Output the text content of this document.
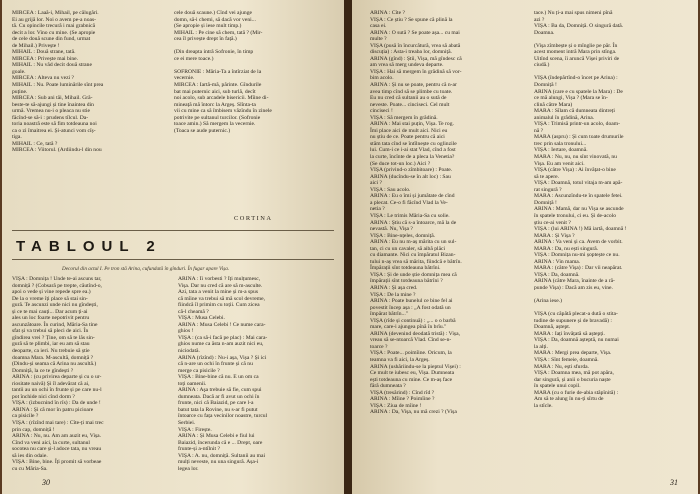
MIRCEA : Laaă-i, Mihail, pe călugări.
Ei au grijă lor. Noi o avem pe-a noas-
tă. Cu opincile trecură i mai grabnică
decit a lor. Vino cu mine. (Se apropie
de cele două scune din fund, urmat
de Mihail.) Privește !
MIHAIL : Două strane, tată.
MIRCEA : Privește mai bine.
MIHAIL : Nu văd decit două strane
goale.
MIRCEA : Alteva nu vezi ?
MIHAIL : Nu. Poate luminările sînt prea
puține.
MIRCEA : Sub ani tăi, Mihail. Gră-
beste-te să-ajungi și tine înaintea din
urmă. Vremea nu-i o pleaca nu stie
făcînd-se să-i : prudens tîlcul. Da-
toria noastră este să fim totdeauna noi
ca o zi îmaitrea ei. Și-atunci vom cîș-
tiga.
MIHAIL : Ce, tată ?
MIRCEA : Viitorul. (Ardiindu-l din nou
cele două scaune.) Cînd vei ajunge
domn, să-i chemi, să dacă vor veni...
(Se apropie și iese mult timp.)
MIHAIL : Pe cine să chem, tată ? (Mir-
cea îl privește drept în față.)

(Din dreapta intră Sofronie, în timp
ce ei mere toace.)

SOFRONIE : Măria-Ta a întîrziat de la
vecernie.
MIRCEA : Iartă-mă, părinte. Gîndurile
bat mai puternic aici, sub turlă, decît
noi acolo, sub arcadele bisericii. Mîine di-
mineață mă întorc la Argeș. Slînta-ta
vii cu mine ca să îmbisem văzîndu în zinele
potrivite pe sultanul turcilor. (Sofronie
toace amin.) Să mergem la vecernie.
(Toaca se aude puternic.)
CORTINA
TABLOUL 2
Decorul din actul I. Pe tron stă Arina, cufundată în gînduri. În fugar apare Vișa.
VIȘA : Domnița ! Unde te-ai ascuns tar,
domniță ? (Cobsară pe trepte, căutînd-o,
apoi o vede și vine repede spre ea.)
De la o vreme îți place să stai sin-
gură. Te ascunzi unde nici nu gîndești,
și ce te mai cauți... Dar acum ți-ai
ales un loc foarte nepotrivit pentru
ascunzătoare. În curind, Măria-Sa tine
sfat și va trebui să pleci de aici. În
gîndirea vrei ? Ține, om să te lăs sin-
gură să te plimbi, iar eu am să stau
deoparte, ca ieri. Nu trebuie să știe
doamna Mara. M-ascultă, domniță ?
(Dindu-și seama că Arina nu ascultă.)
Domniță, la ce te gîndești ?
ARINA : (cu privirea departe și cu o ur-
riositate naivă) Și îl adevărat că ai,
tantii au un ochi în frunte și pe care nu-l
pot închide nici cînd dorm ?
VIȘA : (izbucnind în rîs) : Da de unde !
ARINA : Și că mor în patru picioare
ca pisicile ?
VIȘA : (rîzînd mai tare) : Cîte-ți mai trec
prin cap, domniță !
ARINA : Nu, nu. Am am auzit eu, Vișa.
Cînd va veni aici, la curte, sultanul
socotea nu care și-l adoce tata, nu vreau
să ies din odaie.
VIȘA : Bine, bine. Îți promit să vorbeae
cu cu Măria-Sa.
ARINA : Îi vorbesti ? Îți mulțumesc,
Vișa. Dar nu cred că are să m-asculte.
Azi, tata a venit la mine și m-a spus
că mîine va trebui să mă scol devreme,
fiindcă îl primim cu toții. Cum zicea
că-l cheamă ?
VIȘA : Musa Celebi.
ARINA : Musa Celebi ! Ce nume cara-
ghios !
VIȘA : (ca să-i facă pe plac) : Mai cara-
ghios nume ca ăsta n-am auzit nici eu,
niciodată.
ARINA (rîzînd) : Nu-i așa, Vișa ? Și ici
că n-are un ochi în frunte și că nu
merge ca pisicile ?
VIȘA : Bine-bine că nu. E un om ca
toți oamenii.
ARINA : Aşa trebuie să fie, cum spui
dumneata. Dacă ar fi avut un ochi în
frunte, nici că Baiazid, pe care l-a
batut tata la Rovine, nu s-ar fi putut
întoarce cu fața vecinilor noastre, turcul
Serbiei.
VIȘA : Firește.
ARINA : Și Musa Celebi e fiul lui
Baiazid, încerunda că e ... Drept, oare
frunte-și a-ntîlnit ?
VIȘA : A. nu, domniță. Sultanii au mai
mulți neveste, nu una singură. Așa-i
legea lor.
30
ARINA : Cîte ?
VIȘA : Ce știu ? Se spune că plină la
casa ei.
ARINA : O sută ? Se poate așa... cu mai
multe ?
VIȘA (pusă în încurcătură, vrea să abată
discuția) : Asta-i treaba lor, domniță.
ARINA (gînd) : Știi, Vișa, mă gîndesc că
am vrea să merg undeva departe.
VIȘA : Hai să mergem în grădină să vor-
bim acolo.
ARINA : Și nu se poate, pentru că n-ar
avea timp cînd să se plimbe cu toate.
Eu nu cred că sultanii au o sută de
neveste. Poate... cinciseci. Cel mult
cinciseci !
VIȘA : Să mergem în grădină.
ARINA : Mai stai puțin, Vișa. Te rog.
Îmi place aici de mult aici. Nici eu
nu știu de ce. Poate pentru că aici
stăm tata cînd se întîlnește cu oglinzile
lui. Cum-i ce i-ai stat Vlad, cînd a fost
la curte, încînte de a pleca la Venetia?
(Se duce tot-un loc.) Aici ?
VIȘA (privind-o zîmbitoare) : Poate.
ARINA (ducîndu-se în alt loc) : Sau
aici ?
VIȘA : Sau acolo.
ARINA : Eu o îmi și jumătate de cînd
a plecat. Ce-o fi făcînd Vlad la Ve-
netia ?
VIȘA : Le trimis Măria-Sa cu solie.
ARINA : Știu că s-a întoarce, mă la de
nevastă. Nu, Vișa ?
VIȘA : Bine-nțeles, domniță.
ARINA : Eu nu m-aș mărita cu un sul-
tan, ci cu un cavaler, să aibă plăci
cu diamante. Nici cu împăratul Bizan-
tului n-aș vrea să mărita, fiindcă e bătrîn.
Împărații sînt totdeauna bătrîni.
VIȘA : Și de unde știe domnița mea că
împărații sînt totdeauna bătrîni ?
ARINA : Și așa cred.
VIȘA : De la mine ?
ARINA : Poate bunelul ce bine fel ai
povestit încep așa : „A fost odată un
împărat bătrîn..."
VIȘA (rîde și continuă) : „... o o barbă
mare, care-i ajungea pînă în brîu."
ARINA (devenind deodată tristă) : Vișa,
vreau să se-ntoarcă Vlad. Cînd se-n-
toarce ?
VIȘA : Poate... poimîine. Oricum, la
teamna va fi aici, la Argeș.
ARINA (ushăriindu-se la pieptul Vișei) :
Ce mult te iubesc eu, Vișa. Dumneata
ești totdeauna cu mine. Ce m-aș face
fără dumneata ?
VIȘA (tresărind) : Cînd rîd ?
ARINA : Mîine ? Poimîine ?
VIȘA : Ziua de mîine !
ARINA : Da, Vișa, nu mă crezi ? (Vișa
tace.) Nu ți-a mai spus nimeni pînă
azi ?
VIȘA : Ba da, Domniță. O singură dată.
Doamna.

(Vișa zîmbește și o mînglie pe păr. În
acest moment intră Mara prin stînga.
Uitînd scena, îi aruncă Vișei priviri de
ciudă.)

VIȘA (îndepărtînd-o încet pe Arina) :
Domniță !
ARINA (care e cu spatele la Mara) : De
ce mă alungi, Vișa ? (Mara se în-
clină către Mara)
MARA : Sîlam că dumneata dintreți
animalul în grădină, Arina.
VIȘA : Trimisă printr-un acolo, doam-
nă ?
MARA (aspru) : Și cum toate drumurile
trec prin sala tronului...
VIȘA : Iertare, doamnă.
MARA : Nu, nu, nu sînt vinovată, nu
Vișa. Eu am venit aici.
VIȘA (către Vișa) : Ai învățat-o bine
să te apere.
VIȘA : Doamnă, totul vitaja m-am apă-
rat singură ?
MARA : Ascunzîndu-te în spatele fetei.
Domniță !
ARINA : Mamă, dar nu Vișa se ascunde
în spatele tronului, ci eu. Și de-acolo
știu ce-ai venit ?
VIȘA : (lui ARINA !) Mă iartă, doamnă !
MARA : Și Vișa ?
ARINA : Va veni și ca. Avem de vorbit.
MARA : Da, nu ești singură.
VIȘA : Domnița nu-mi șoptește ce nu.
ARINA : Vin mama.
MARA : (către Vișa) : Dar vii neapărat.
VIȘA : Da, doamnă.
ARINA (către Mara, înainte de a ră-
punde Vișa) : Dacă am zis eu, vine.

(Arina iese.)

VIȘA (cu căpătă plecat-a dută o stita-
tudine de supunere și de bravadă) :
Doamnă, aștept.
MARA : Iați învățată să aștepți.
VIȘA : Da, doamnă așteptă, nu numai
la alți.
MARA : Mergi prea departe, Vișa.
VIȘA : Sînt femeie, doamnă.
MARA : Nu, ești sfurda.
VIȘA : Doamna mea, mă pot apăra,
dar singură, și anii o bucuria naște
în spatele unui copil.
MARA (cu o furie de-abia stăpînită) :
Am să te alung în nu-ți sîrtu de
la stîcle.
31
